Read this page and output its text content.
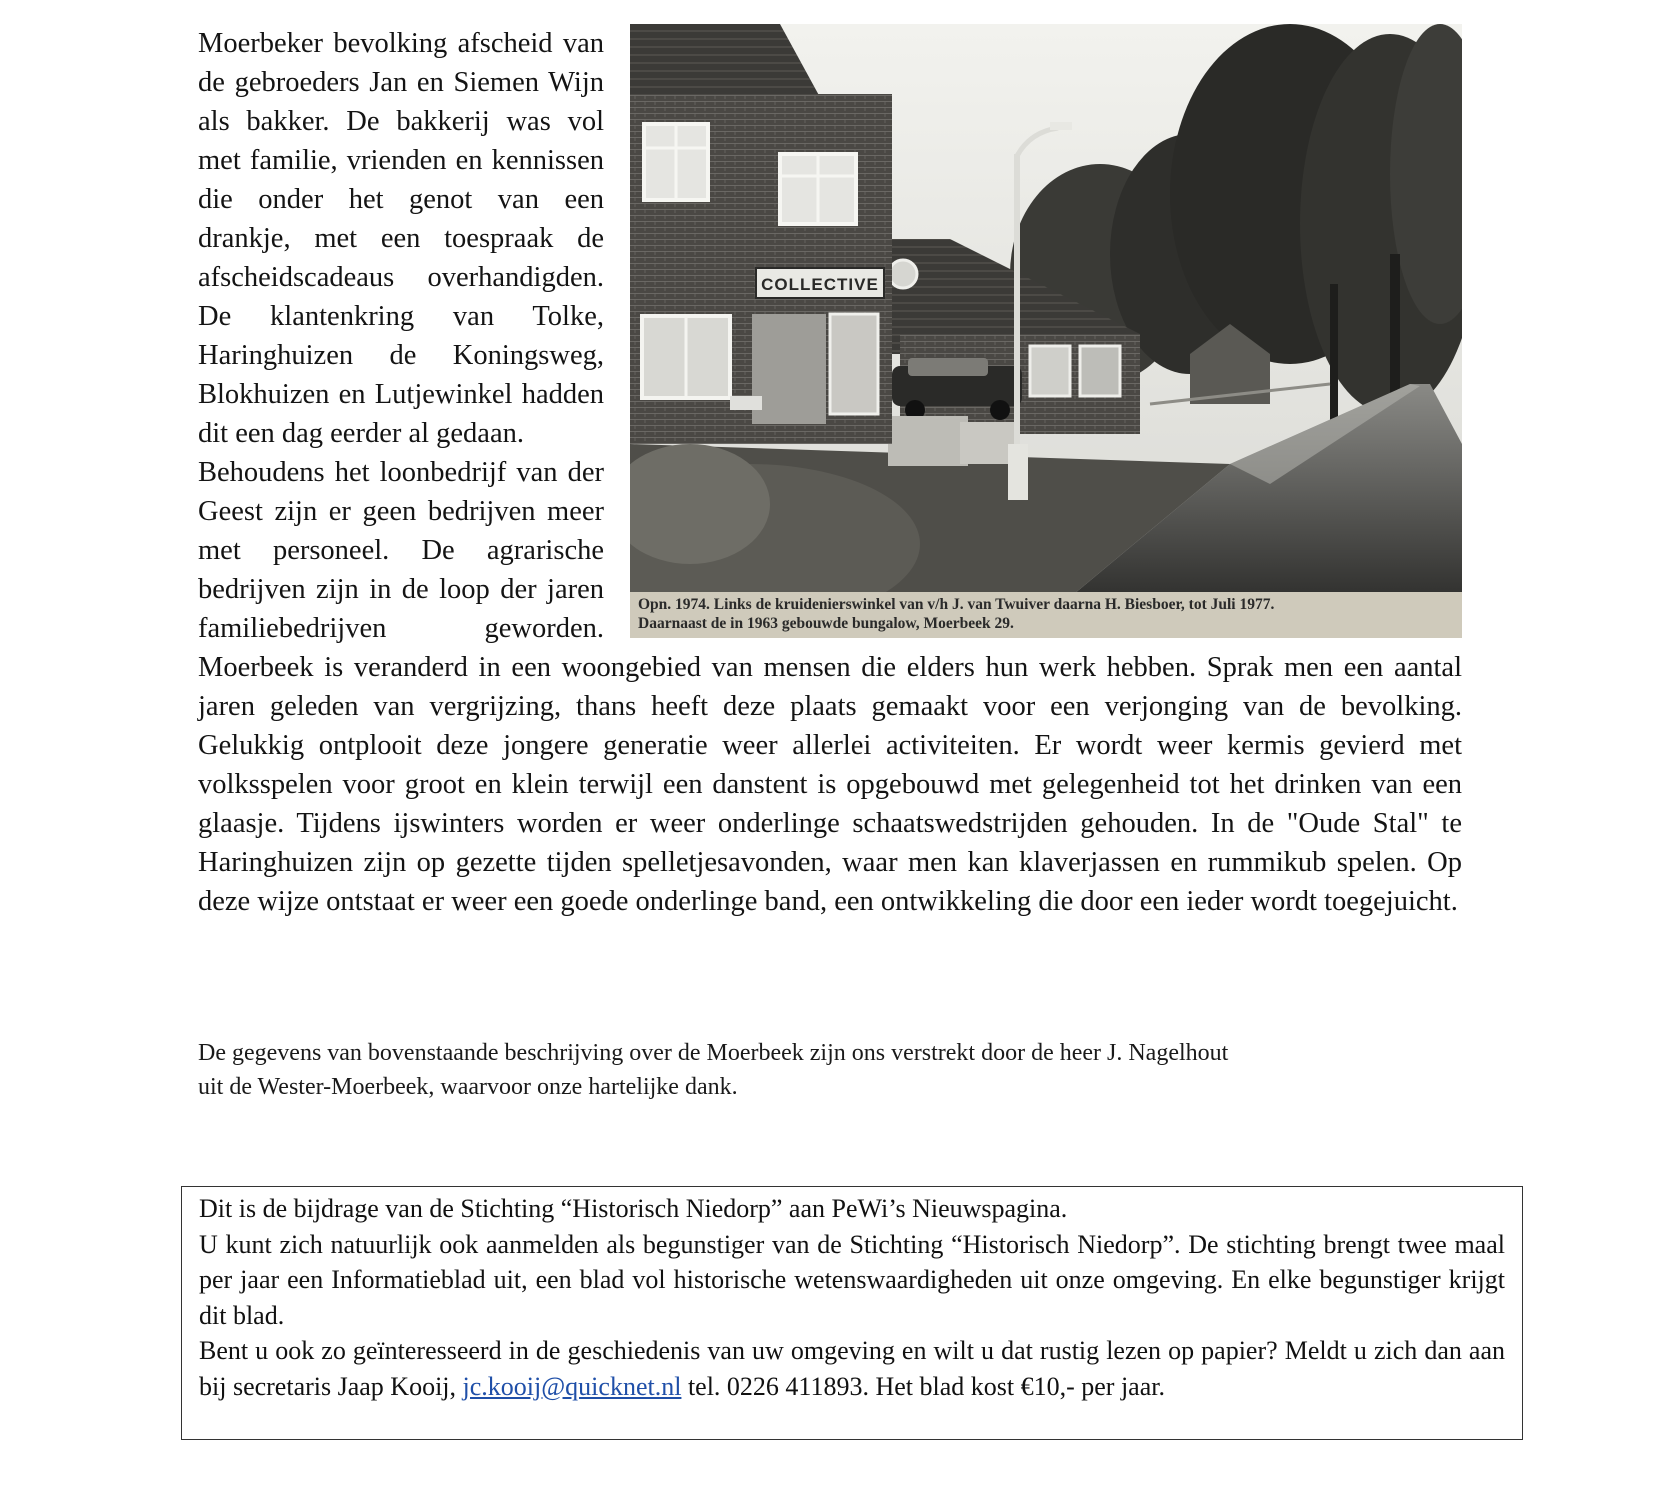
COLLECTIVE
Opn. 1974. Links de kruidenierswinkel van v/h J. van Twuiver daarna H. Biesboer, tot Juli 1977.
Daarnaast de in 1963 gebouwde bungalow, Moerbeek 29.

Moerbeker bevolking afscheid van de gebroeders Jan en Siemen Wijn als bakker. De bakkerij was vol met familie, vrienden en kennissen die onder het genot van een drankje, met een toespraak de afscheidscadeaus overhandigden. De klantenkring van Tolke, Haringhuizen de Koningsweg, Blokhuizen en Lutjewinkel hadden dit een dag eerder al gedaan.

Behoudens het loonbedrijf van der Geest zijn er geen bedrijven meer met personeel. De agrarische bedrijven zijn in de loop der jaren familiebedrijven geworden. Moerbeek is veranderd in een woongebied van mensen die elders hun werk hebben. Sprak men een aantal jaren geleden van vergrijzing, thans heeft deze plaats gemaakt voor een verjonging van de bevolking. Gelukkig ontplooit deze jongere generatie weer allerlei activiteiten. Er wordt weer kermis gevierd met volksspelen voor groot en klein terwijl een danstent is opgebouwd met gelegenheid tot het drinken van een glaasje. Tijdens ijswinters worden er weer onderlinge schaatswedstrijden gehouden. In de "Oude Stal" te Haringhuizen zijn op gezette tijden spelletjesavonden, waar men kan klaverjassen en rummikub spelen. Op deze wijze ontstaat er weer een goede onderlinge band, een ontwikkeling die door een ieder wordt toegejuicht.

De gegevens van bovenstaande beschrijving over de Moerbeek zijn ons verstrekt door de heer J. Nagelhout
uit de Wester-Moerbeek, waarvoor onze hartelijke dank.

Dit is de bijdrage van de Stichting “Historisch Niedorp” aan PeWi’s Nieuwspagina.

U kunt zich natuurlijk ook aanmelden als begunstiger van de Stichting “Historisch Niedorp”. De stichting brengt twee maal per jaar een Informatieblad uit, een blad vol historische wetenswaardigheden uit onze omgeving. En elke begunstiger krijgt dit blad.

Bent u ook zo geïnteresseerd in de geschiedenis van uw omgeving en wilt u dat rustig lezen op papier? Meldt u zich dan aan bij secretaris Jaap Kooij, jc.kooij@quicknet.nl tel. 0226 411893. Het blad kost €10,- per jaar.
